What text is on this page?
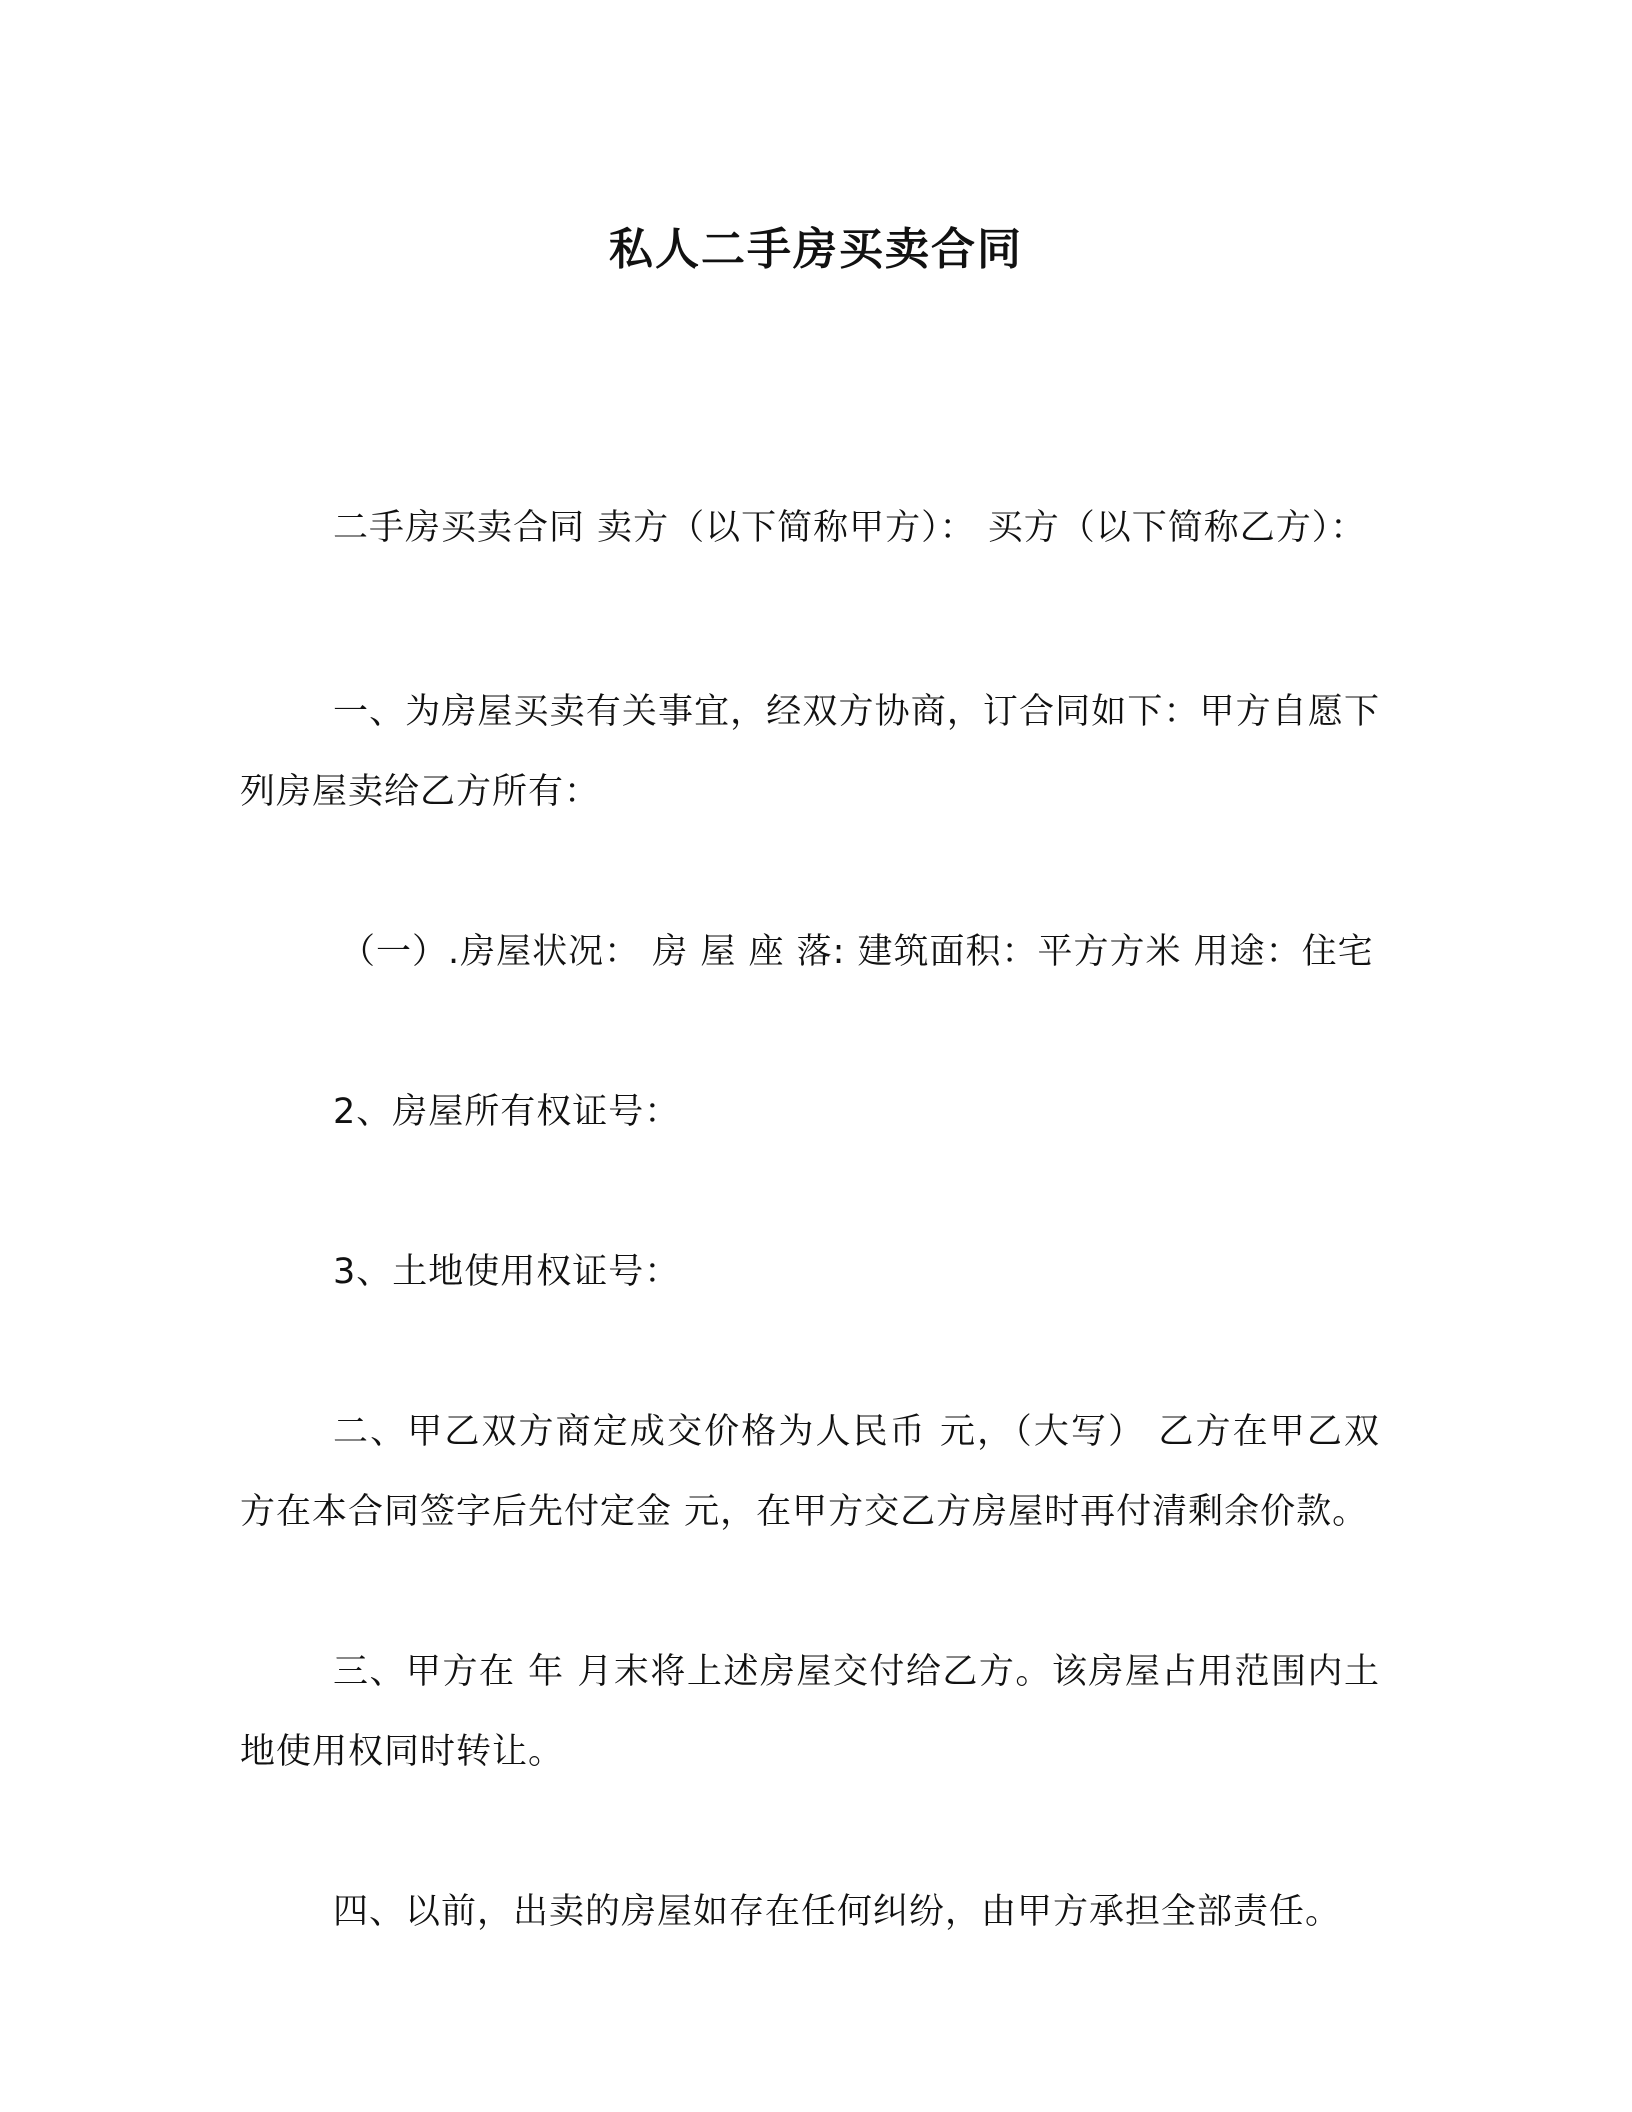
私人二手房买卖合同

二手房买卖合同 卖方（以下简称甲方）： 买方（以下简称乙方）：

一、为房屋买卖有关事宜，经双方协商，订合同如下：甲方自愿下列房屋卖给乙方所有：

（一）.房屋状况： 房 屋 座 落: 建筑面积：平方方米 用途：住宅

2、房屋所有权证号：

3、土地使用权证号：

二、甲乙双方商定成交价格为人民币 元，（大写） 乙方在甲乙双方在本合同签字后先付定金 元，在甲方交乙方房屋时再付清剩余价款。

三、甲方在 年 月末将上述房屋交付给乙方。该房屋占用范围内土地使用权同时转让。

四、以前，出卖的房屋如存在任何纠纷，由甲方承担全部责任。
